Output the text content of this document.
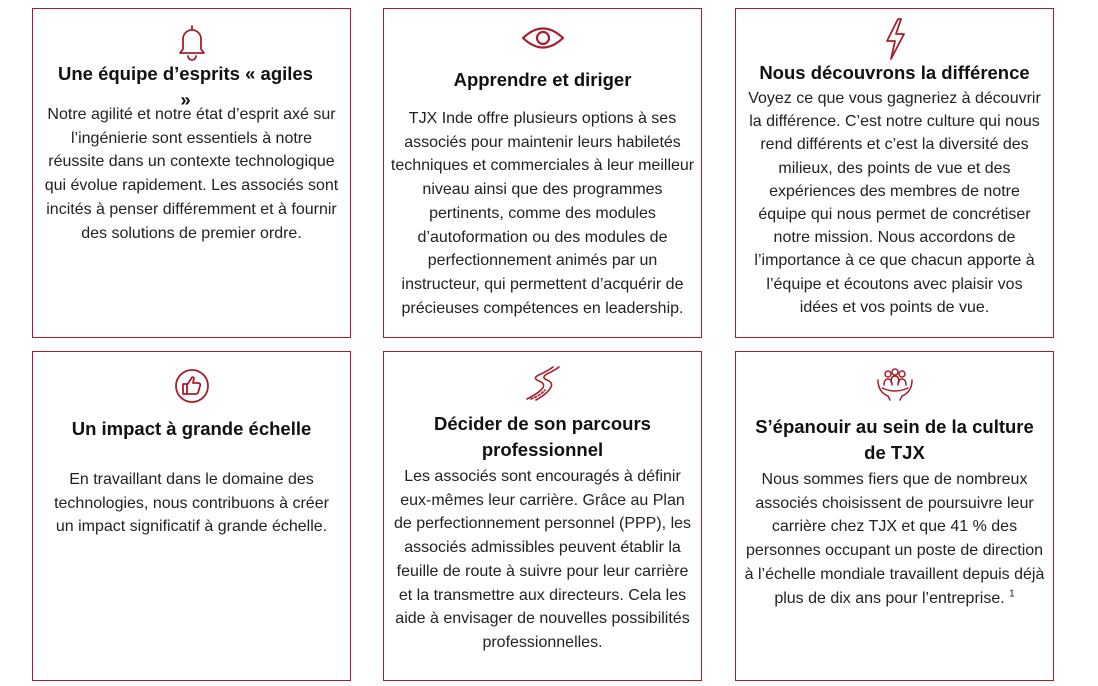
Une équipe d’esprits « agiles »

Notre agilité et notre état d’esprit axé sur l’ingénierie sont essentiels à notre réussite dans un contexte technologique qui évolue rapidement. Les associés sont incités à penser différemment et à fournir des solutions de premier ordre.

Apprendre et diriger

TJX Inde offre plusieurs options à ses associés pour maintenir leurs habiletés techniques et commerciales à leur meilleur niveau ainsi que des programmes pertinents, comme des modules d’autoformation ou des modules de perfectionnement animés par un instructeur, qui permettent d’acquérir de précieuses compétences en leadership.

Nous découvrons la différence

Voyez ce que vous gagneriez à découvrir la différence. C’est notre culture qui nous rend différents et c’est la diversité des milieux, des points de vue et des expériences des membres de notre équipe qui nous permet de concrétiser notre mission. Nous accordons de l’importance à ce que chacun apporte à l’équipe et écoutons avec plaisir vos idées et vos points de vue.

Un impact à grande échelle

En travaillant dans le domaine des technologies, nous contribuons à créer un impact significatif à grande échelle.

Décider de son parcours professionnel

Les associés sont encouragés à définir eux-mêmes leur carrière. Grâce au Plan de perfectionnement personnel (PPP), les associés admissibles peuvent établir la feuille de route à suivre pour leur carrière et la transmettre aux directeurs. Cela les aide à envisager de nouvelles possibilités professionnelles.

S’épanouir au sein de la culture de TJX

Nous sommes fiers que de nombreux associés choisissent de poursuivre leur carrière chez TJX et que 41 % des personnes occupant un poste de direction à l’échelle mondiale travaillent depuis déjà plus de dix ans pour l’entreprise. $^1$
